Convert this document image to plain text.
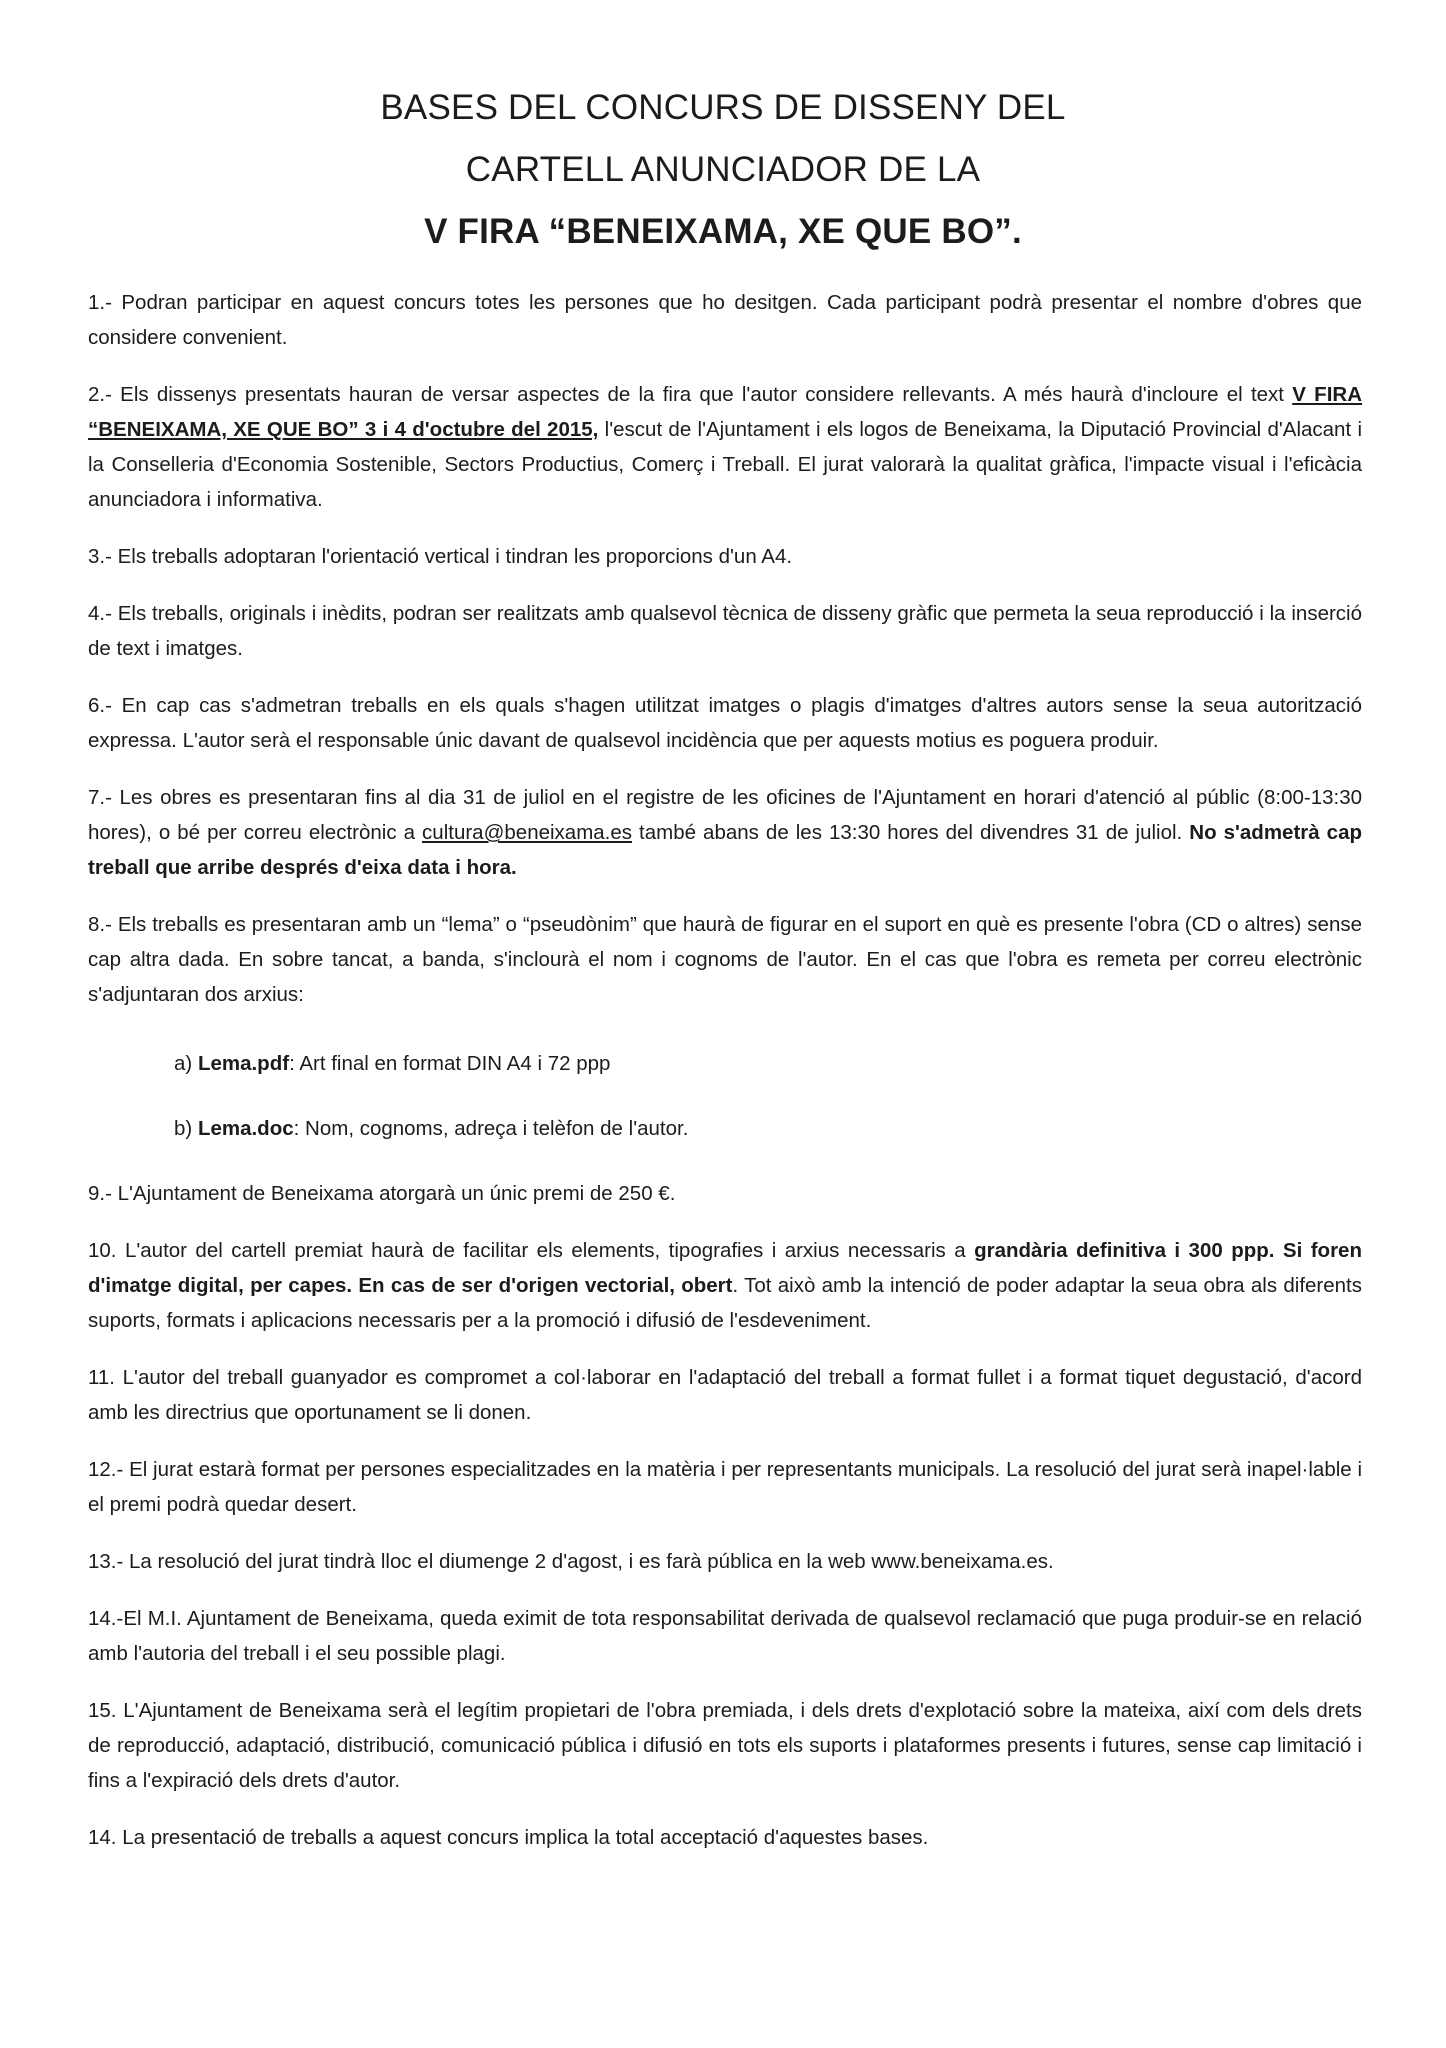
BASES DEL CONCURS DE DISSENY DEL
CARTELL ANUNCIADOR DE LA
V FIRA “BENEIXAMA, XE QUE BO”.

1.- Podran participar en aquest concurs totes les persones que ho desitgen. Cada participant podrà presentar el nombre d'obres que considere convenient.

2.- Els dissenys presentats hauran de versar aspectes de la fira que l'autor considere rellevants. A més haurà d'incloure el text V FIRA “BENEIXAMA, XE QUE BO” 3 i 4 d'octubre del 2015, l'escut de l'Ajuntament i els logos de Beneixama, la Diputació Provincial d'Alacant i la Conselleria d'Economia Sostenible, Sectors Productius, Comerç i Treball. El jurat valorarà la qualitat gràfica, l'impacte visual i l'eficàcia anunciadora i informativa.

3.- Els treballs adoptaran l'orientació vertical i tindran les proporcions d'un A4.

4.- Els treballs, originals i inèdits, podran ser realitzats amb qualsevol tècnica de disseny gràfic que permeta la seua reproducció i la inserció de text i imatges.

6.- En cap cas s'admetran treballs en els quals s'hagen utilitzat imatges o plagis d'imatges d'altres autors sense la seua autorització expressa. L'autor serà el responsable únic davant de qualsevol incidència que per aquests motius es poguera produir.

7.- Les obres es presentaran fins al dia 31 de juliol en el registre de les oficines de l'Ajuntament en horari d'atenció al públic (8:00-13:30 hores), o bé per correu electrònic a cultura@beneixama.es també abans de les 13:30 hores del divendres 31 de juliol. No s'admetrà cap treball que arribe després d'eixa data i hora.

8.- Els treballs es presentaran amb un “lema” o “pseudònim” que haurà de figurar en el suport en què es presente l'obra (CD o altres) sense cap altra dada. En sobre tancat, a banda, s'inclourà el nom i cognoms de l'autor. En el cas que l'obra es remeta per correu electrònic s'adjuntaran dos arxius:

a) Lema.pdf: Art final en format DIN A4 i 72 ppp

b) Lema.doc: Nom, cognoms, adreça i telèfon de l'autor.

9.- L'Ajuntament de Beneixama atorgarà un únic premi de 250 €.

10. L'autor del cartell premiat haurà de facilitar els elements, tipografies i arxius necessaris a grandària definitiva i 300 ppp. Si foren d'imatge digital, per capes. En cas de ser d'origen vectorial, obert. Tot això amb la intenció de poder adaptar la seua obra als diferents suports, formats i aplicacions necessaris per a la promoció i difusió de l'esdeveniment.

11. L'autor del treball guanyador es compromet a col·laborar en l'adaptació del treball a format fullet i a format tiquet degustació, d'acord amb les directrius que oportunament se li donen.

12.- El jurat estarà format per persones especialitzades en la matèria i per representants municipals. La resolució del jurat serà inapel·lable i el premi podrà quedar desert.

13.- La resolució del jurat tindrà lloc el diumenge 2 d'agost, i es farà pública en la web www.beneixama.es.

14.-El M.I. Ajuntament de Beneixama, queda eximit de tota responsabilitat derivada de qualsevol reclamació que puga produir-se en relació amb l'autoria del treball i el seu possible plagi.

15. L'Ajuntament de Beneixama serà el legítim propietari de l'obra premiada, i dels drets d'explotació sobre la mateixa, així com dels drets de reproducció, adaptació, distribució, comunicació pública i difusió en tots els suports i plataformes presents i futures, sense cap limitació i fins a l'expiració dels drets d'autor.

14. La presentació de treballs a aquest concurs implica la total acceptació d'aquestes bases.
